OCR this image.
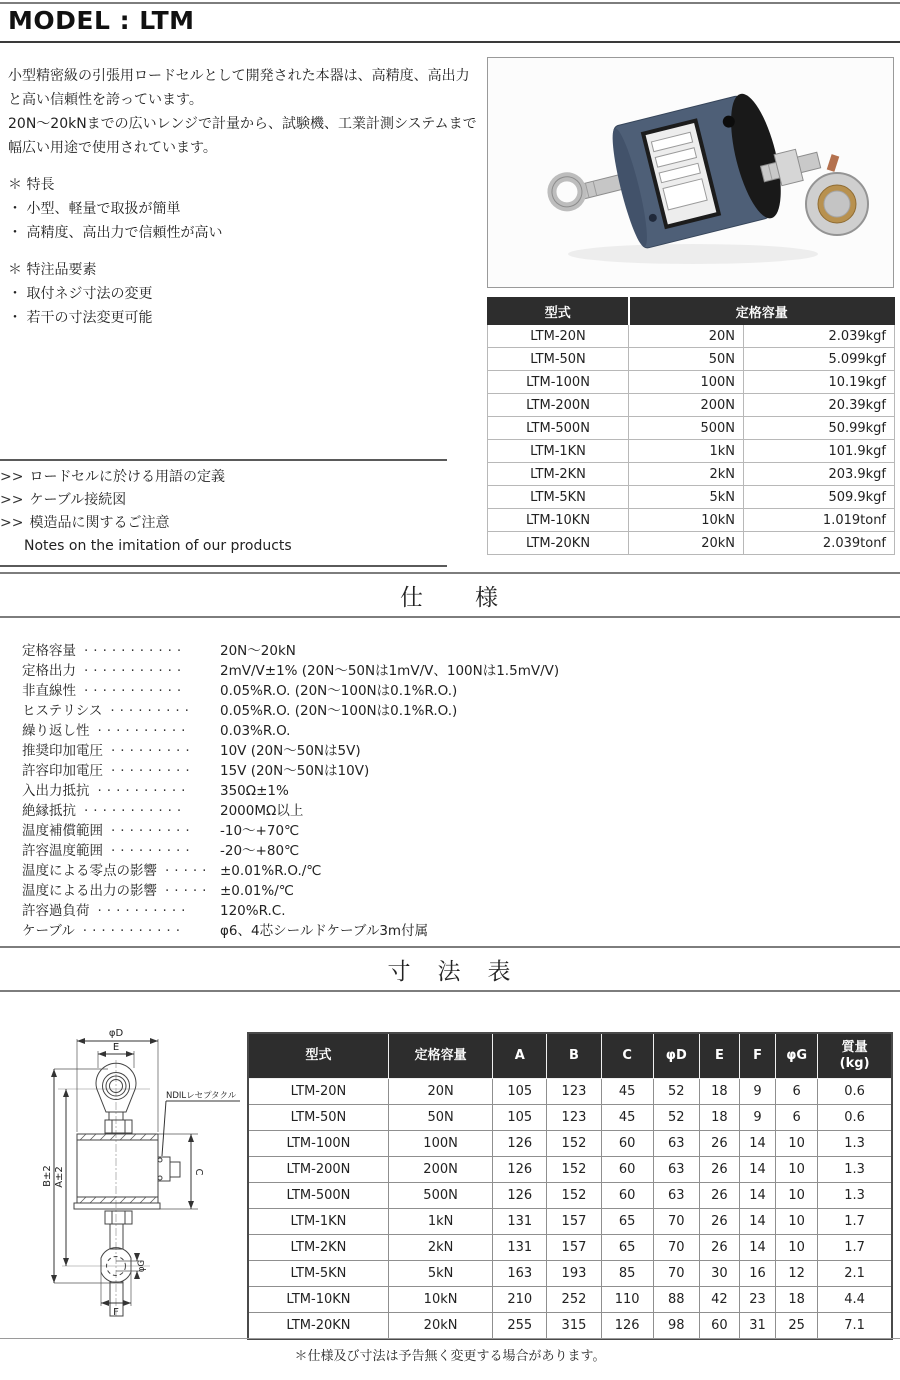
MODEL : LTM
小型精密級の引張用ロードセルとして開発された本器は、高精度、高出力と高い信頼性を誇っています。
20N〜20kNまでの広いレンジで計量から、試験機、工業計測システムまで幅広い用途で使用されています。
＊ 特長
・ 小型、軽量で取扱が簡単
・ 高精度、高出力で信頼性が高い
＊ 特注品要素
・ 取付ネジ寸法の変更
・ 若干の寸法変更可能
>> ロードセルに於ける用語の定義
>> ケーブル接続図
>> 模造品に関するご注意
Notes on the imitation of our products
型式	定格容量	
LTM-20N	20N	2.039kgf
LTM-50N	50N	5.099kgf
LTM-100N	100N	10.19kgf
LTM-200N	200N	20.39kgf
LTM-500N	500N	50.99kgf
LTM-1KN	1kN	101.9kgf
LTM-2KN	2kN	203.9kgf
LTM-5KN	5kN	509.9kgf
LTM-10KN	10kN	1.019tonf
LTM-20KN	20kN	2.039tonf
仕　　様
定格容量 ···········	20N〜20kN
定格出力 ···········	2mV/V±1% (20N〜50Nは1mV/V、100Nは1.5mV/V)
非直線性 ···········	0.05%R.O. (20N〜100Nは0.1%R.O.)
ヒステリシス ·········	0.05%R.O. (20N〜100Nは0.1%R.O.)
繰り返し性 ··········	0.03%R.O.
推奨印加電圧 ·········	10V (20N〜50Nは5V)
許容印加電圧 ·········	15V (20N〜50Nは10V)
入出力抵抗 ··········	350Ω±1%
絶縁抵抗 ···········	2000MΩ以上
温度補償範囲 ·········	-10〜+70℃
許容温度範囲 ·········	-20〜+80℃
温度による零点の影響 ····· ±0.01%R.O./℃
温度による出力の影響 ····· ±0.01%/℃
許容過負荷 ··········	120%R.C.
ケーブル ···········	φ6、4芯シールドケーブル3m付属
寸　法　表
φD
E
B±2 A±2	C
φG
F
NDILレセプタクル
型式	定格容量	A	B	C	φD	E	F	φG	質量
(kg)

LTM-20N	20N	105	123	45	52	18	9	6	0.6
LTM-50N	50N	105	123	45	52	18	9	6	0.6
LTM-100N	100N	126	152	60	63	26	14	10	1.3
LTM-200N	200N	126	152	60	63	26	14	10	1.3
LTM-500N	500N	126	152	60	63	26	14	10	1.3
LTM-1KN	1kN	131	157	65	70	26	14	10	1.7
LTM-2KN	2kN	131	157	65	70	26	14	10	1.7
LTM-5KN	5kN	163	193	85	70	30	16	12	2.1
LTM-10KN	10kN	210	252	110	88	42	23	18	4.4
LTM-20KN	20kN	255	315	126	98	60	31	25	7.1
＊仕様及び寸法は予告無く変更する場合があります。
